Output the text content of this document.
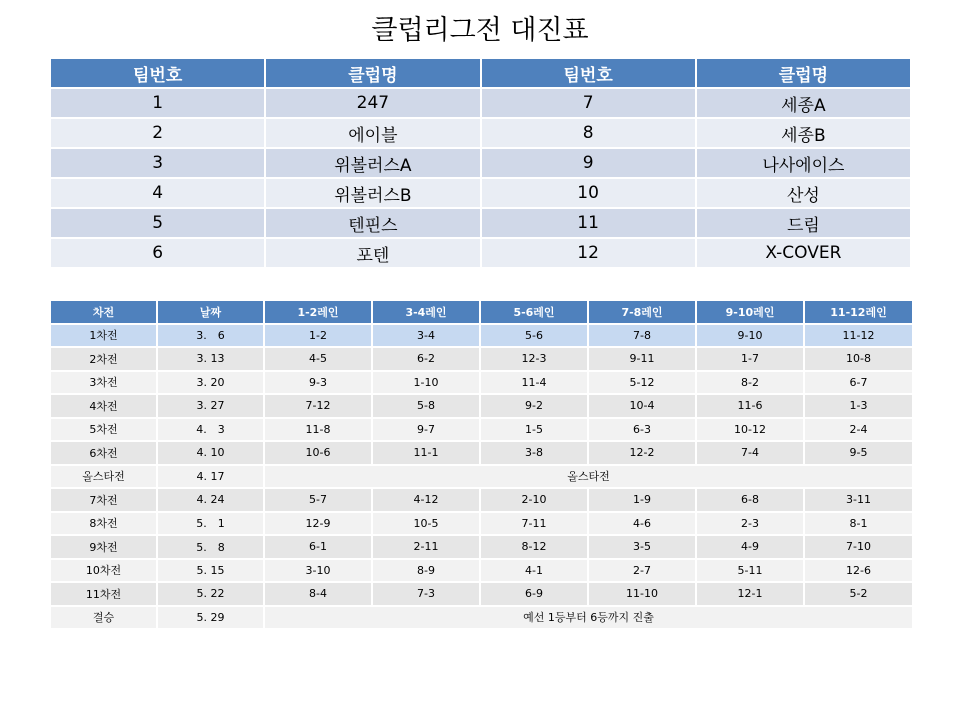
클럽리그전 대진표
팀번호	클럽명	팀번호	클럽명
1	247	7	세종A
2	에이블	8	세종B
3	위볼러스A	9	나사에이스
4	위볼러스B	10	산성
5	텐핀스	11	드림
6	포텐	12	X-COVER
차전	날짜	1-2레인	3-4레인	5-6레인	7-8레인	9-10레인	11-12레인
1차전	3.　6	1-2	3-4	5-6	7-8	9-10	11-12
2차전	3. 13	4-5	6-2	12-3	9-11	1-7	10-8
3차전	3. 20	9-3	1-10	11-4	5-12	8-2	6-7
4차전	3. 27	7-12	5-8	9-2	10-4	11-6	1-3
5차전	4.　3	11-8	9-7	1-5	6-3	10-12	2-4
6차전	4. 10	10-6	11-1	3-8	12-2	7-4	9-5
올스타전	4. 17	올스타전					
7차전	4. 24	5-7	4-12	2-10	1-9	6-8	3-11
8차전	5.　1	12-9	10-5	7-11	4-6	2-3	8-1
9차전	5.　8	6-1	2-11	8-12	3-5	4-9	7-10
10차전	5. 15	3-10	8-9	4-1	2-7	5-11	12-6
11차전	5. 22	8-4	7-3	6-9	11-10	12-1	5-2
결승	5. 29	예선 1등부터 6등까지 진출					
